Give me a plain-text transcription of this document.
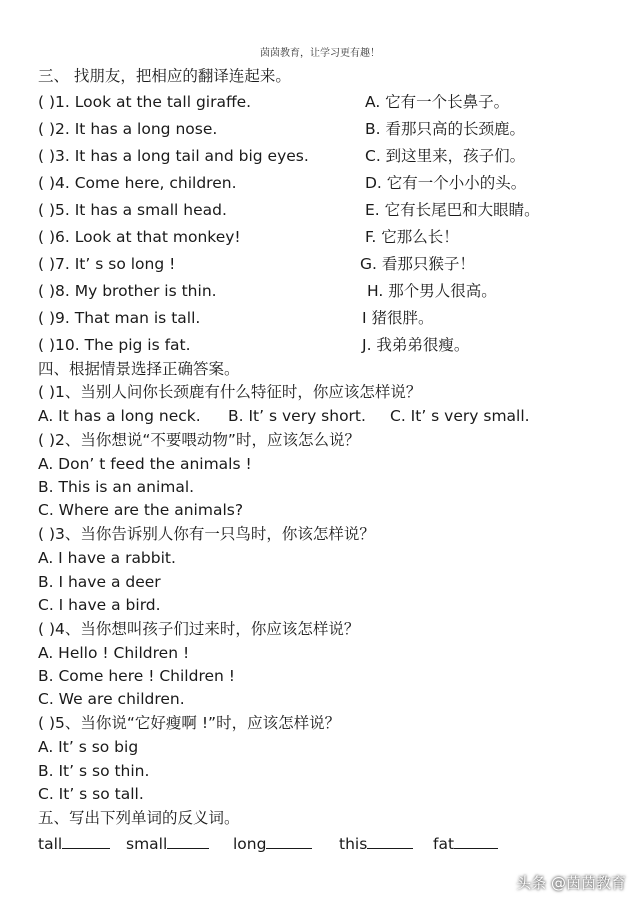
茵茵教育，让学习更有趣！
三、 找朋友，把相应的翻译连起来。
( )1. Look at the tall giraffe.	A. 它有一个长鼻子。
( )2. It has a long nose.	B. 看那只高的长颈鹿。
( )3. It has a long tail and big eyes.	C. 到这里来，孩子们。
( )4. Come here, children.	D. 它有一个小小的头。
( )5. It has a small head.	E. 它有长尾巴和大眼睛。
( )6. Look at that monkey!	F. 它那么长！
( )7. It’ s so long !	G. 看那只猴子！
( )8. My brother is thin.	H. 那个男人很高。
( )9. That man is tall.	I 猪很胖。
( )10. The pig is fat.	J. 我弟弟很瘦。
四、根据情景选择正确答案。
( )1、当别人问你长颈鹿有什么特征时，你应该怎样说？
A. It has a long neck. B. It’ s very short. C. It’ s very small.
( )2、当你想说“不要喂动物”时，应该怎么说？
A. Don’ t feed the animals !
B. This is an animal.
C. Where are the animals?
( )3、当你告诉别人你有一只鸟时，你该怎样说？
A. I have a rabbit.
B. I have a deer
C. I have a bird.
( )4、当你想叫孩子们过来时，你应该怎样说？
A. Hello ! Children !
B. Come here ! Children !
C. We are children.
( )5、当你说“它好瘦啊 !”时，应该怎样说？
A. It’ s so big
B. It’ s so thin.
C. It’ s so tall.
五、写出下列单词的反义词。
tall	small	long	this	fat
头条 @茵茵教育
